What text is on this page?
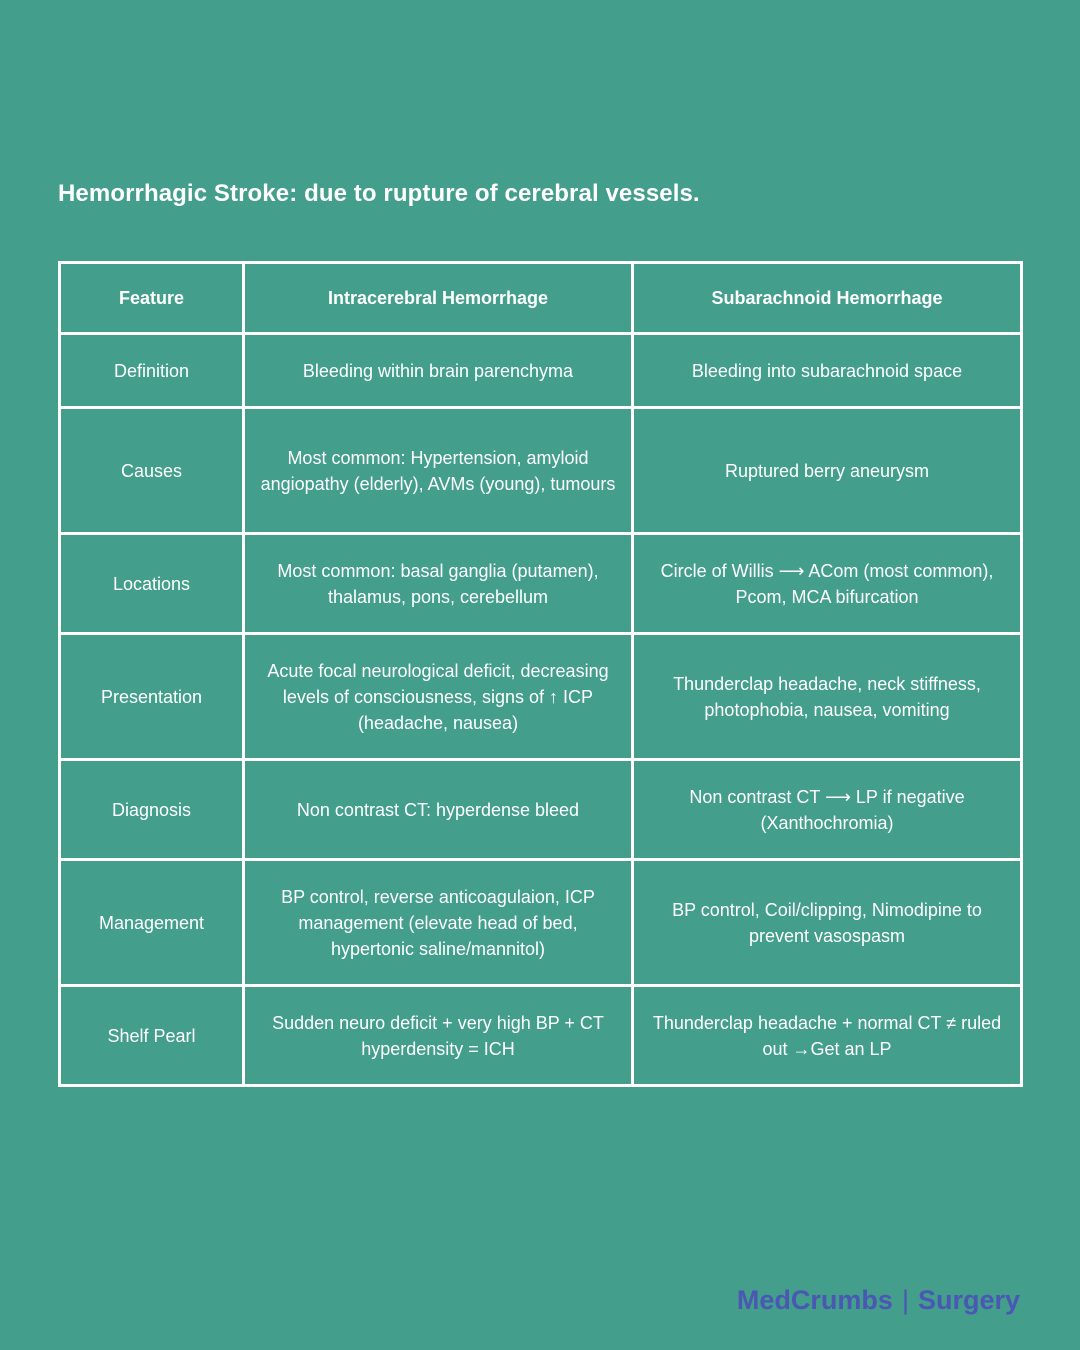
Hemorrhagic Stroke: due to rupture of cerebral vessels.
Feature	Intracerebral Hemorrhage	Subarachnoid Hemorrhage
Definition	Bleeding within brain parenchyma	Bleeding into subarachnoid space
Causes	Most common: Hypertension, amyloid angiopathy (elderly), AVMs (young), tumours	Ruptured berry aneurysm
Locations	Most common: basal ganglia (putamen), thalamus, pons, cerebellum	Circle of Willis ⟶ ACom (most common), Pcom, MCA bifurcation
Presentation	Acute focal neurological deficit, decreasing levels of consciousness, signs of ↑ ICP (headache, nausea)	Thunderclap headache, neck stiffness, photophobia, nausea, vomiting
Diagnosis	Non contrast CT: hyperdense bleed	Non contrast CT ⟶ LP if negative (Xanthochromia)
Management	BP control, reverse anticoagulaion, ICP management (elevate head of bed, hypertonic saline/mannitol)	BP control, Coil/clipping, Nimodipine to prevent vasospasm
Shelf Pearl	Sudden neuro deficit + very high BP + CT hyperdensity = ICH	Thunderclap headache + normal CT ≠ ruled out →Get an LP
MedCrumbs | Surgery
